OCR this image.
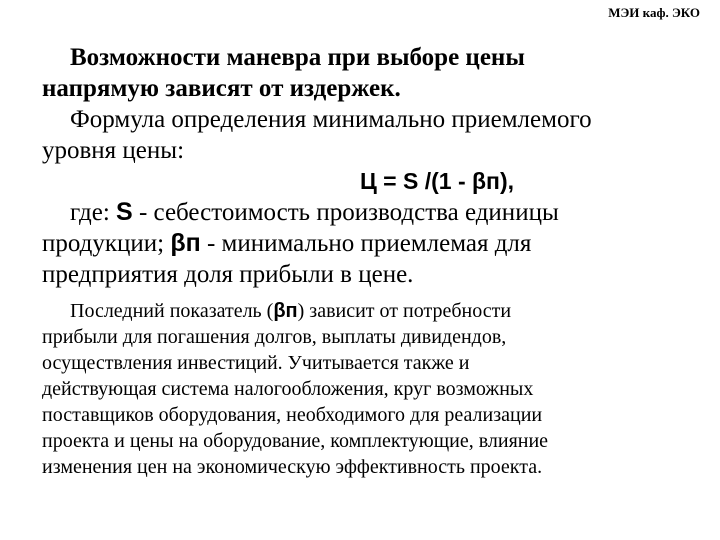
МЭИ каф. ЭКО
Возможности маневра при выборе цены
напрямую зависят от издержек.
Формула определения минимально приемлемого
уровня цены:
Ц = S /(1 - βп),
где: S - себестоимость производства единицы
продукции; βп - минимально приемлемая для
предприятия доля прибыли в цене.
Последний показатель (βп) зависит от потребности
прибыли для погашения долгов, выплаты дивидендов,
осуществления инвестиций. Учитывается также и
действующая система налогообложения, круг возможных
поставщиков оборудования, необходимого для реализации
проекта и цены на оборудование, комплектующие, влияние
изменения цен на экономическую эффективность проекта.
